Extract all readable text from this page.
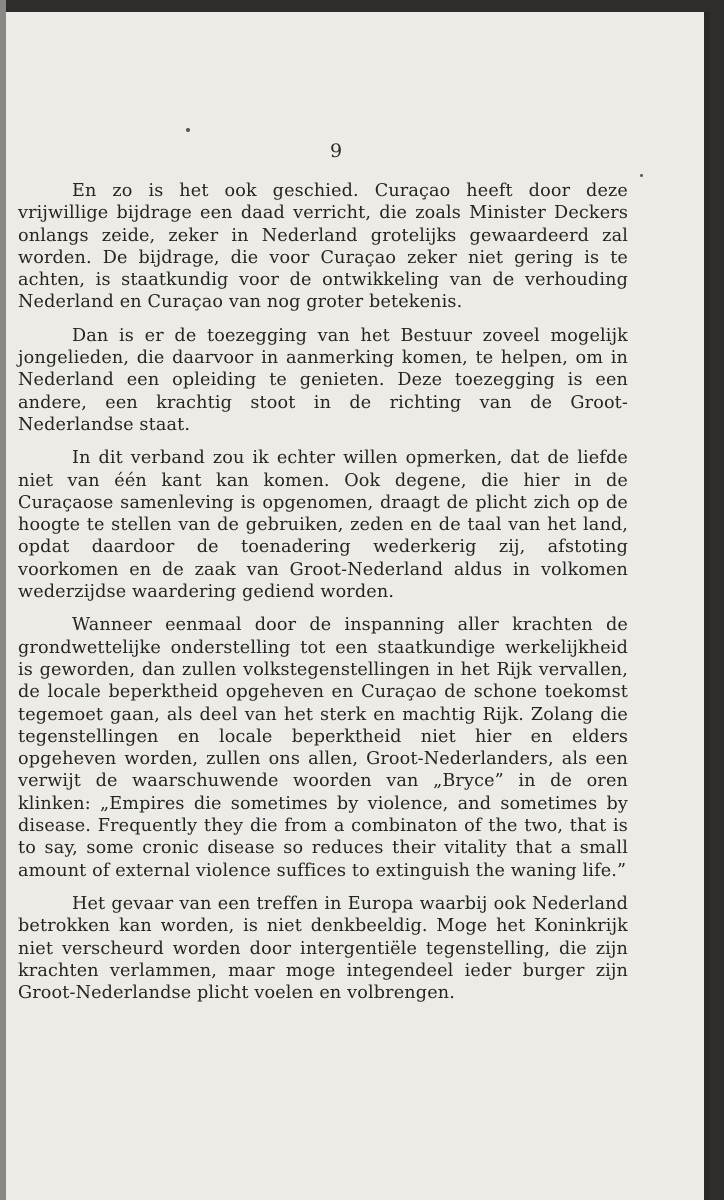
9

En zo is het ook geschied. Curaçao heeft door deze vrijwillige bijdrage een daad verricht, die zoals Minister Deckers onlangs zeide, zeker in Nederland grotelijks gewaardeerd zal worden. De bijdrage, die voor Curaçao zeker niet gering is te achten, is staatkundig voor de ontwikkeling van de verhouding Nederland en Curaçao van nog groter betekenis.

Dan is er de toezegging van het Bestuur zoveel mogelijk jongelieden, die daarvoor in aanmerking komen, te helpen, om in Nederland een opleiding te genieten. Deze toezegging is een andere, een krachtig stoot in de richting van de Groot-Nederlandse staat.

In dit verband zou ik echter willen opmerken, dat de liefde niet van één kant kan komen. Ook degene, die hier in de Curaçaose samenleving is opgenomen, draagt de plicht zich op de hoogte te stellen van de gebruiken, zeden en de taal van het land, opdat daardoor de toenadering wederkerig zij, afstoting voorkomen en de zaak van Groot-Nederland aldus in volkomen wederzijdse waardering gediend worden.

Wanneer eenmaal door de inspanning aller krachten de grondwettelijke onderstelling tot een staatkundige werkelijkheid is geworden, dan zullen volkstegenstellingen in het Rijk vervallen, de locale beperktheid opgeheven en Curaçao de schone toekomst tegemoet gaan, als deel van het sterk en machtig Rijk. Zolang die tegenstellingen en locale beperktheid niet hier en elders opgeheven worden, zullen ons allen, Groot-Nederlanders, als een verwijt de waarschuwende woorden van „Bryce” in de oren klinken: „Empires die sometimes by violence, and sometimes by disease. Frequently they die from a combinaton of the two, that is to say, some cronic disease so reduces their vitality that a small amount of external violence suffices to extinguish the waning life.”

Het gevaar van een treffen in Europa waarbij ook Nederland betrokken kan worden, is niet denkbeeldig. Moge het Koninkrijk niet verscheurd worden door intergentiële tegenstelling, die zijn krachten verlammen, maar moge integendeel ieder burger zijn Groot-Nederlandse plicht voelen en volbrengen.
